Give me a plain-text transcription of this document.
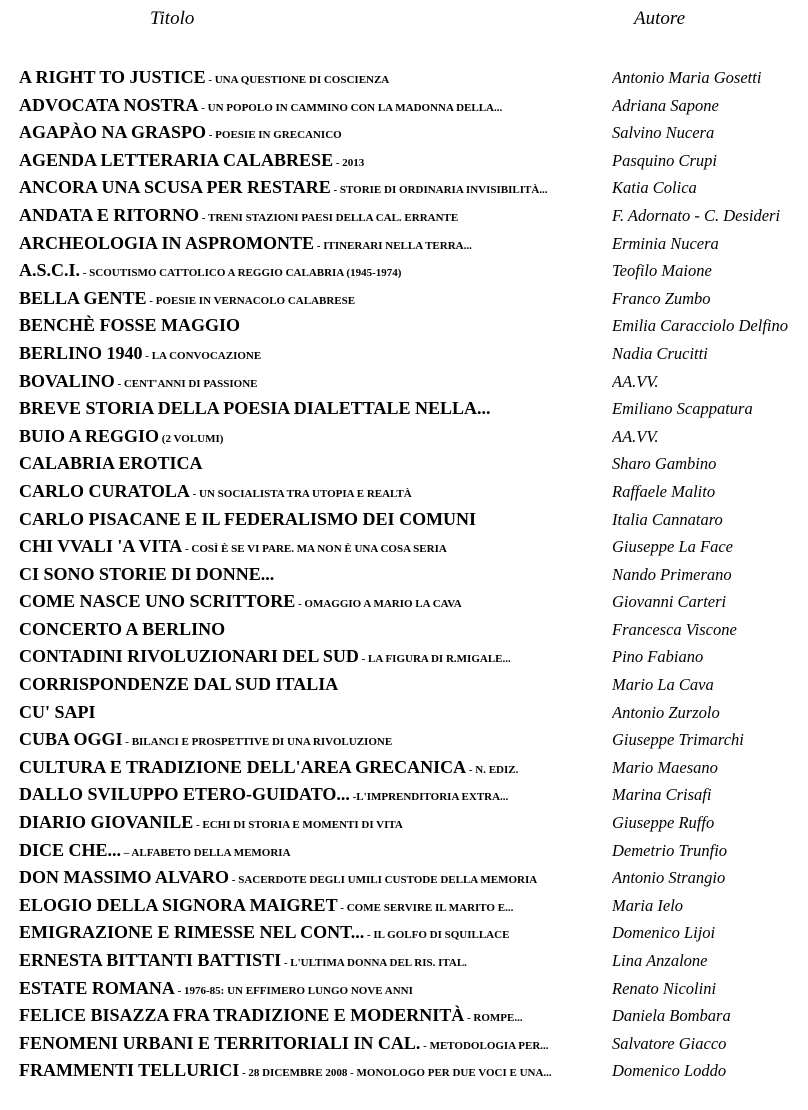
Titolo	Autore
A RIGHT TO JUSTICE - UNA QUESTIONE DI COSCIENZA	Antonio Maria Gosetti
ADVOCATA NOSTRA - UN POPOLO IN CAMMINO CON LA MADONNA DELLA...	Adriana Sapone
AGAPÀO NA GRASPO - POESIE IN GRECANICO	Salvino Nucera
AGENDA LETTERARIA CALABRESE - 2013	Pasquino Crupi
ANCORA UNA SCUSA PER RESTARE - STORIE DI ORDINARIA INVISIBILITÀ...	Katia Colica
ANDATA E RITORNO - TRENI STAZIONI PAESI DELLA CAL. ERRANTE	F. Adornato - C. Desideri
ARCHEOLOGIA IN ASPROMONTE - ITINERARI NELLA TERRA...	Erminia Nucera
A.S.C.I. - SCOUTISMO CATTOLICO A REGGIO CALABRIA (1945-1974)	Teofilo Maione
BELLA GENTE - POESIE IN VERNACOLO CALABRESE	Franco Zumbo
BENCHÈ FOSSE MAGGIO	Emilia Caracciolo Delfino
BERLINO 1940 - LA CONVOCAZIONE	Nadia Crucitti
BOVALINO - CENT'ANNI DI PASSIONE	AA.VV.
BREVE STORIA DELLA POESIA DIALETTALE NELLA...	Emiliano Scappatura
BUIO A REGGIO (2 VOLUMI)	AA.VV.
CALABRIA EROTICA	Sharo Gambino
CARLO CURATOLA - UN SOCIALISTA TRA UTOPIA E REALTÀ	Raffaele Malito
CARLO PISACANE E IL FEDERALISMO DEI COMUNI	Italia Cannataro
CHI VVALI 'A VITA - COSÌ È SE VI PARE. MA NON È UNA COSA SERIA	Giuseppe La Face
CI SONO STORIE DI DONNE...	Nando Primerano
COME NASCE UNO SCRITTORE - OMAGGIO A MARIO LA CAVA	Giovanni Carteri
CONCERTO A BERLINO	Francesca Viscone
CONTADINI RIVOLUZIONARI DEL SUD - LA FIGURA DI R.MIGALE...	Pino Fabiano
CORRISPONDENZE DAL SUD ITALIA	Mario La Cava
CU' SAPI	Antonio Zurzolo
CUBA OGGI - BILANCI E PROSPETTIVE DI UNA RIVOLUZIONE	Giuseppe Trimarchi
CULTURA E TRADIZIONE DELL'AREA GRECANICA - N. EDIZ.	Mario Maesano
DALLO SVILUPPO ETERO-GUIDATO... -L'IMPRENDITORIA EXTRA...	Marina Crisafi
DIARIO GIOVANILE - ECHI DI STORIA E MOMENTI DI VITA	Giuseppe Ruffo
DICE CHE... – ALFABETO DELLA MEMORIA	Demetrio Trunfio
DON MASSIMO ALVARO - SACERDOTE DEGLI UMILI CUSTODE DELLA MEMORIA	Antonio Strangio
ELOGIO DELLA SIGNORA MAIGRET - COME SERVIRE IL MARITO E...	Maria Ielo
EMIGRAZIONE E RIMESSE NEL CONT... - IL GOLFO DI SQUILLACE	Domenico Lijoi
ERNESTA BITTANTI BATTISTI - L'ULTIMA DONNA DEL RIS. ITAL.	Lina Anzalone
ESTATE ROMANA - 1976-85: UN EFFIMERO LUNGO NOVE ANNI	Renato Nicolini
FELICE BISAZZA FRA TRADIZIONE E MODERNITÀ - ROMPE...	Daniela Bombara
FENOMENI URBANI E TERRITORIALI IN CAL. - METODOLOGIA PER...	Salvatore Giacco
FRAMMENTI TELLURICI - 28 DICEMBRE 2008 - MONOLOGO PER DUE VOCI E UNA...	Domenico Loddo
